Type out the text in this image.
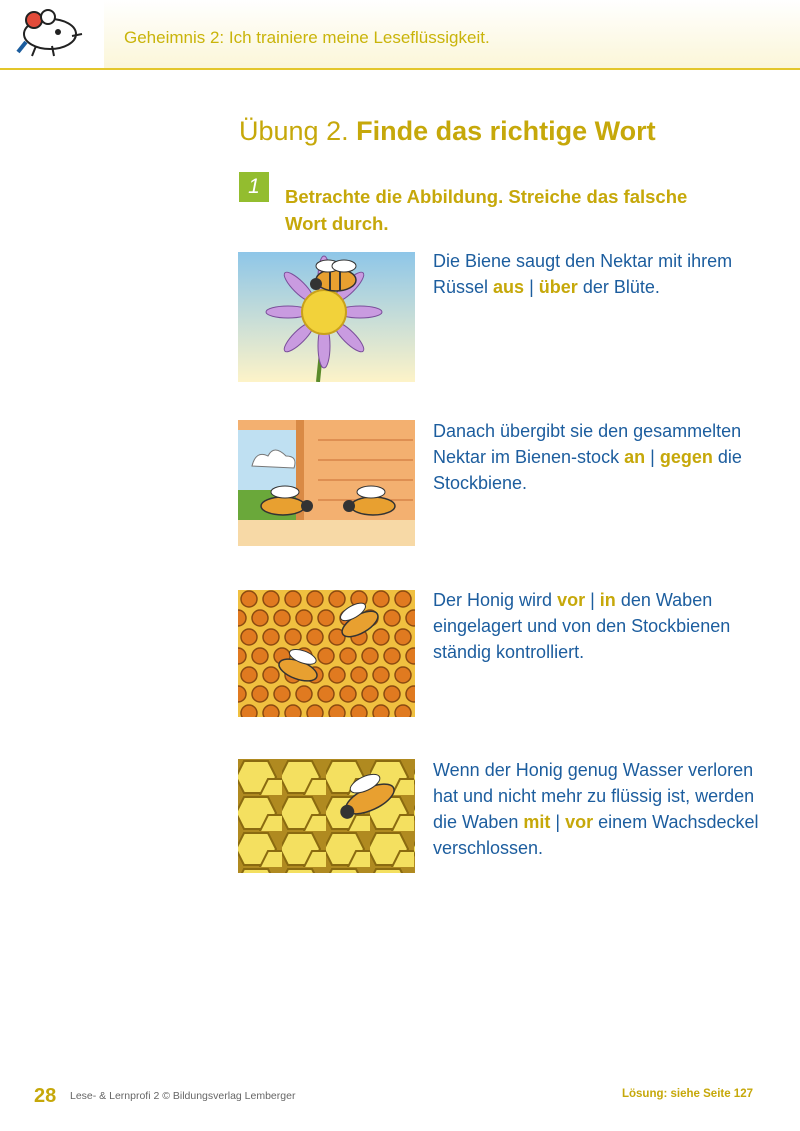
Geheimnis 2: Ich trainiere meine Leseflüssigkeit.
Übung 2. Finde das richtige Wort
1	Betrachte die Abbildung. Streiche das falsche
Wort durch.
Die Biene saugt den Nektar mit ihrem Rüssel aus | über der Blüte.
Danach übergibt sie den gesammelten Nektar im Bienen-stock an | gegen die Stockbiene.
Der Honig wird vor | in den Waben eingelagert und von den Stockbienen ständig kontrolliert.
Wenn der Honig genug Wasser verloren hat und nicht mehr zu flüssig ist, werden die Waben mit | vor einem Wachsdeckel verschlossen.
28 Lese- & Lernprofi 2 © Bildungsverlag Lemberger	Lösung: siehe Seite 127
